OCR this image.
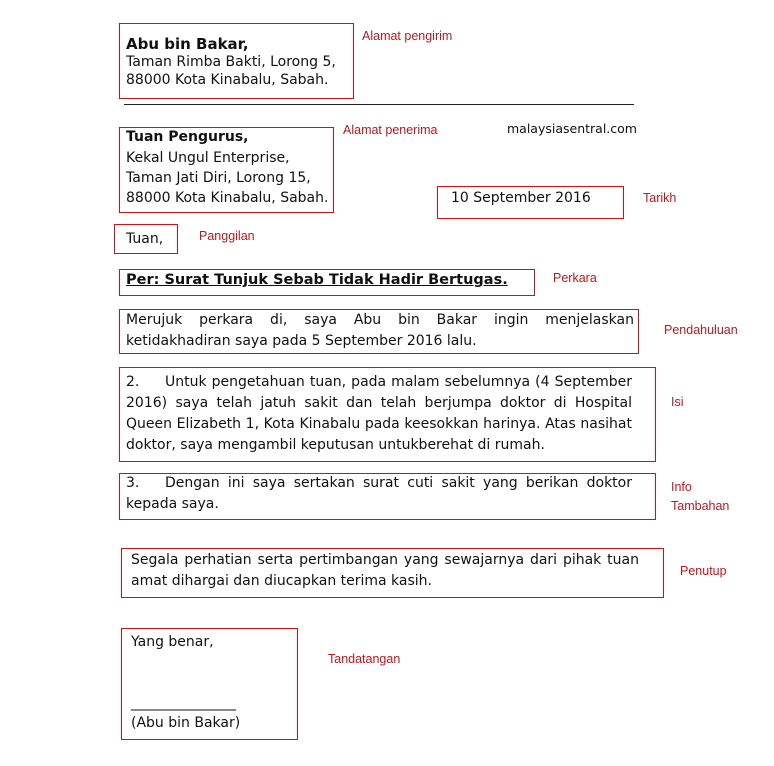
Abu bin Bakar,
Taman Rimba Bakti, Lorong 5,
88000 Kota Kinabalu, Sabah.
Alamat pengirim
Tuan Pengurus,
Kekal Ungul Enterprise,
Taman Jati Diri, Lorong 15,
88000 Kota Kinabalu, Sabah.
Alamat penerima	malaysiasentral.com
10 September 2016	Tarikh
Tuan,	Panggilan
Per: Surat Tunjuk Sebab Tidak Hadir Bertugas.	Perkara
Merujuk perkara di, saya Abu bin Bakar ingin menjelaskan ketidakhadiran saya pada 5 September 2016 lalu.
Pendahuluan
2.	Untuk pengetahuan tuan, pada malam sebelumnya (4 September 2016) saya telah jatuh sakit dan telah berjumpa doktor di Hospital Queen Elizabeth 1, Kota Kinabalu pada keesokkan harinya. Atas nasihat doktor, saya mengambil keputusan untukberehat di rumah.
Isi
3.	Dengan ini saya sertakan surat cuti sakit yang berikan doktor kepada saya.
Info
Tambahan
Segala perhatian serta pertimbangan yang sewajarnya dari pihak tuan amat dihargai dan diucapkan terima kasih.
Penutup
Yang benar,
_______________
(Abu bin Bakar)
Tandatangan
